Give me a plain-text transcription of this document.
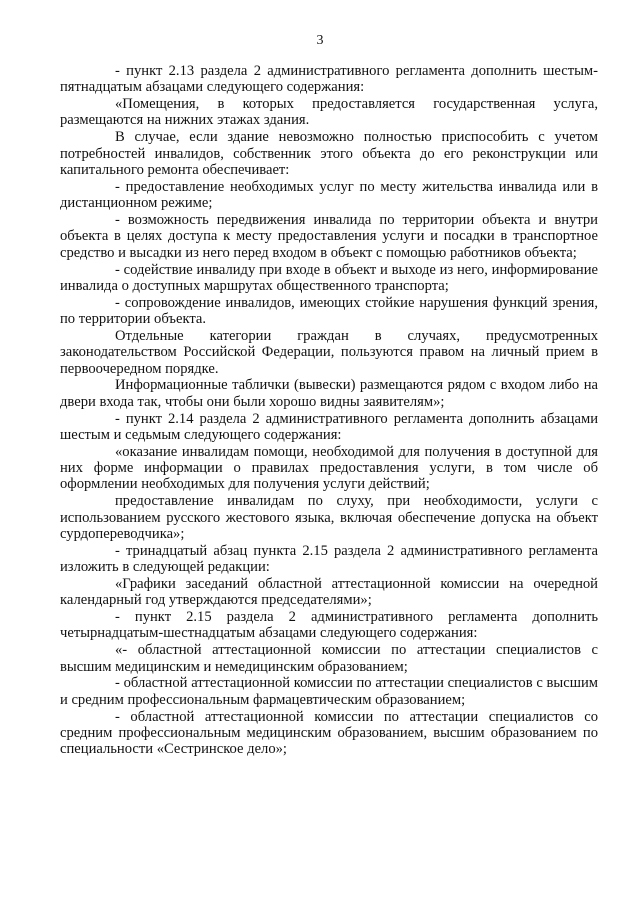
3

- пункт 2.13 раздела 2 административного регламента дополнить шестым-пятнадцатым абзацами следующего содержания:

«Помещения, в которых предоставляется государственная услуга, размещаются на нижних этажах здания.

В случае, если здание невозможно полностью приспособить с учетом потребностей инвалидов, собственник этого объекта до его реконструкции или капитального ремонта обеспечивает:

- предоставление необходимых услуг по месту жительства инвалида или в дистанционном режиме;

- возможность передвижения инвалида по территории объекта и внутри объекта в целях доступа к месту предоставления услуги и посадки в транспортное средство и высадки из него перед входом в объект с помощью работников объекта;

- содействие инвалиду при входе в объект и выходе из него, информирование инвалида о доступных маршрутах общественного транспорта;

- сопровождение инвалидов, имеющих стойкие нарушения функций зрения, по территории объекта.

Отдельные категории граждан в случаях, предусмотренных законодательством Российской Федерации, пользуются правом на личный прием в первоочередном порядке.

Информационные таблички (вывески) размещаются рядом с входом либо на двери входа так, чтобы они были хорошо видны заявителям»;

- пункт 2.14 раздела 2 административного регламента дополнить абзацами шестым и седьмым следующего содержания:

«оказание инвалидам помощи, необходимой для получения в доступной для них форме информации о правилах предоставления услуги, в том числе об оформлении необходимых для получения услуги действий;

предоставление инвалидам по слуху, при необходимости, услуги с использованием русского жестового языка, включая обеспечение допуска на объект сурдопереводчика»;

- тринадцатый абзац пункта 2.15 раздела 2 административного регламента изложить в следующей редакции:

«Графики заседаний областной аттестационной комиссии на очередной календарный год утверждаются председателями»;

- пункт 2.15 раздела 2 административного регламента дополнить четырнадцатым-шестнадцатым абзацами следующего содержания:

«- областной аттестационной комиссии по аттестации специалистов с высшим медицинским и немедицинским образованием;

- областной аттестационной комиссии по аттестации специалистов с высшим и средним профессиональным фармацевтическим образованием;

- областной аттестационной комиссии по аттестации специалистов со средним профессиональным медицинским образованием, высшим образованием по специальности «Сестринское дело»;
